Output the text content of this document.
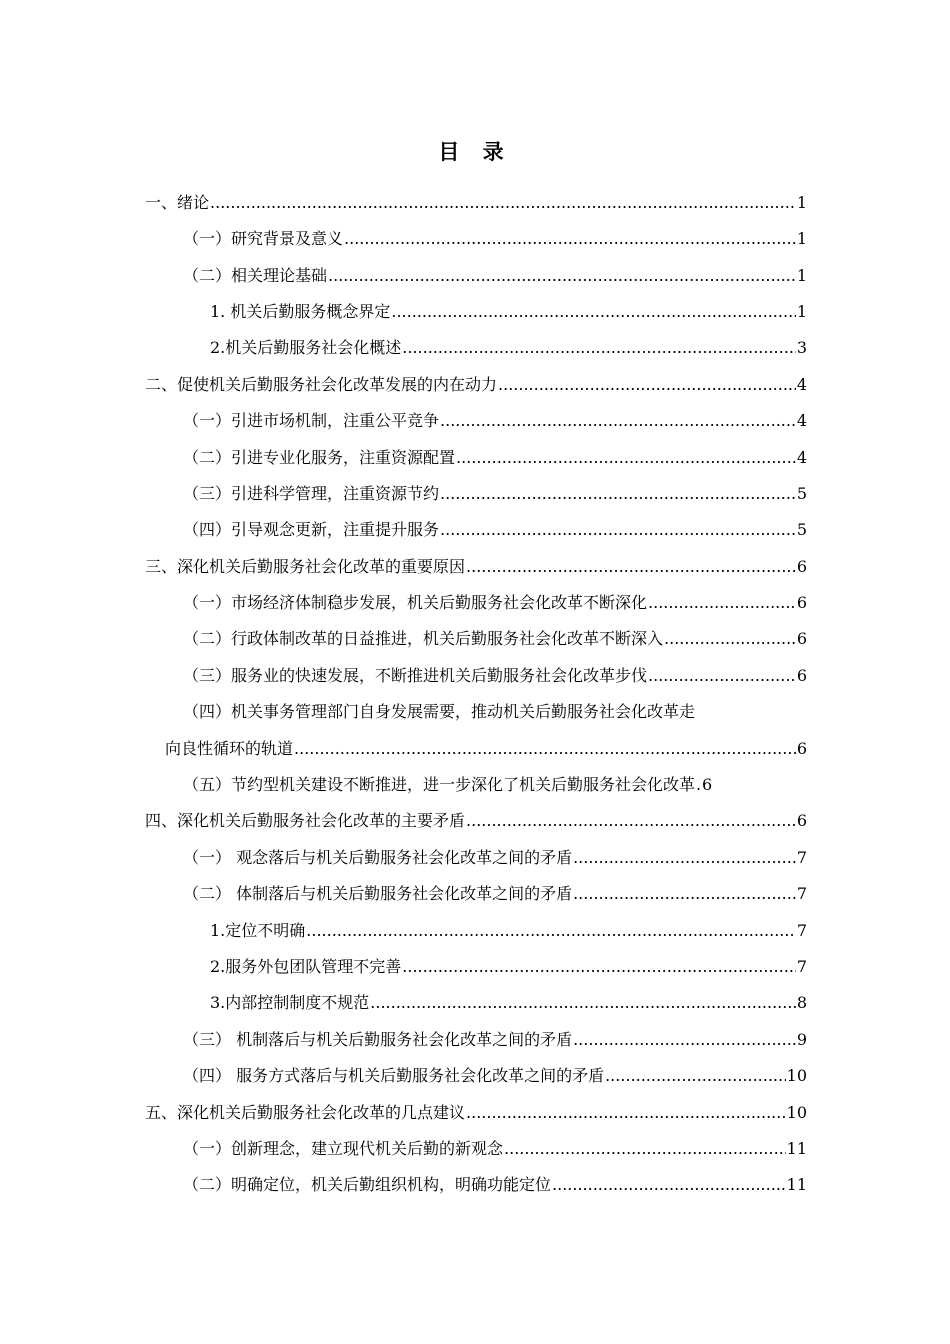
目 录
一、绪论 .....	1
（一）研究背景及意义 .....	1
（二）相关理论基础 .....	1
1. 机关后勤服务概念界定 .....	1
2.机关后勤服务社会化概述 .....	3
二、促使机关后勤服务社会化改革发展的内在动力 .....	4
（一）引进市场机制，注重公平竞争 .....	4
（二）引进专业化服务，注重资源配置 .....	4
（三）引进科学管理，注重资源节约 .....	5
（四）引导观念更新，注重提升服务 .....	5
三、深化机关后勤服务社会化改革的重要原因 .....	6
（一）市场经济体制稳步发展，机关后勤服务社会化改革不断深化 .....	6
（二）行政体制改革的日益推进，机关后勤服务社会化改革不断深入 .....	6
（三）服务业的快速发展，不断推进机关后勤服务社会化改革步伐 .....	6
（四）机关事务管理部门自身发展需要，推动机关后勤服务社会化改革走
向良性循环的轨道 .....	6
（五）节约型机关建设不断推进，进一步深化了机关后勤服务社会化改革 ..... 6
四、深化机关后勤服务社会化改革的主要矛盾 .....	6
（一） 观念落后与机关后勤服务社会化改革之间的矛盾 .....	7
（二） 体制落后与机关后勤服务社会化改革之间的矛盾 .....	7
1.定位不明确 .....	7
2.服务外包团队管理不完善 .....	7
3.内部控制制度不规范 .....	8
（三） 机制落后与机关后勤服务社会化改革之间的矛盾 .....	9
（四） 服务方式落后与机关后勤服务社会化改革之间的矛盾 .....	10
五、深化机关后勤服务社会化改革的几点建议 .....	10
（一）创新理念，建立现代机关后勤的新观念 .....	11
（二）明确定位，机关后勤组织机构，明确功能定位 .....	11
